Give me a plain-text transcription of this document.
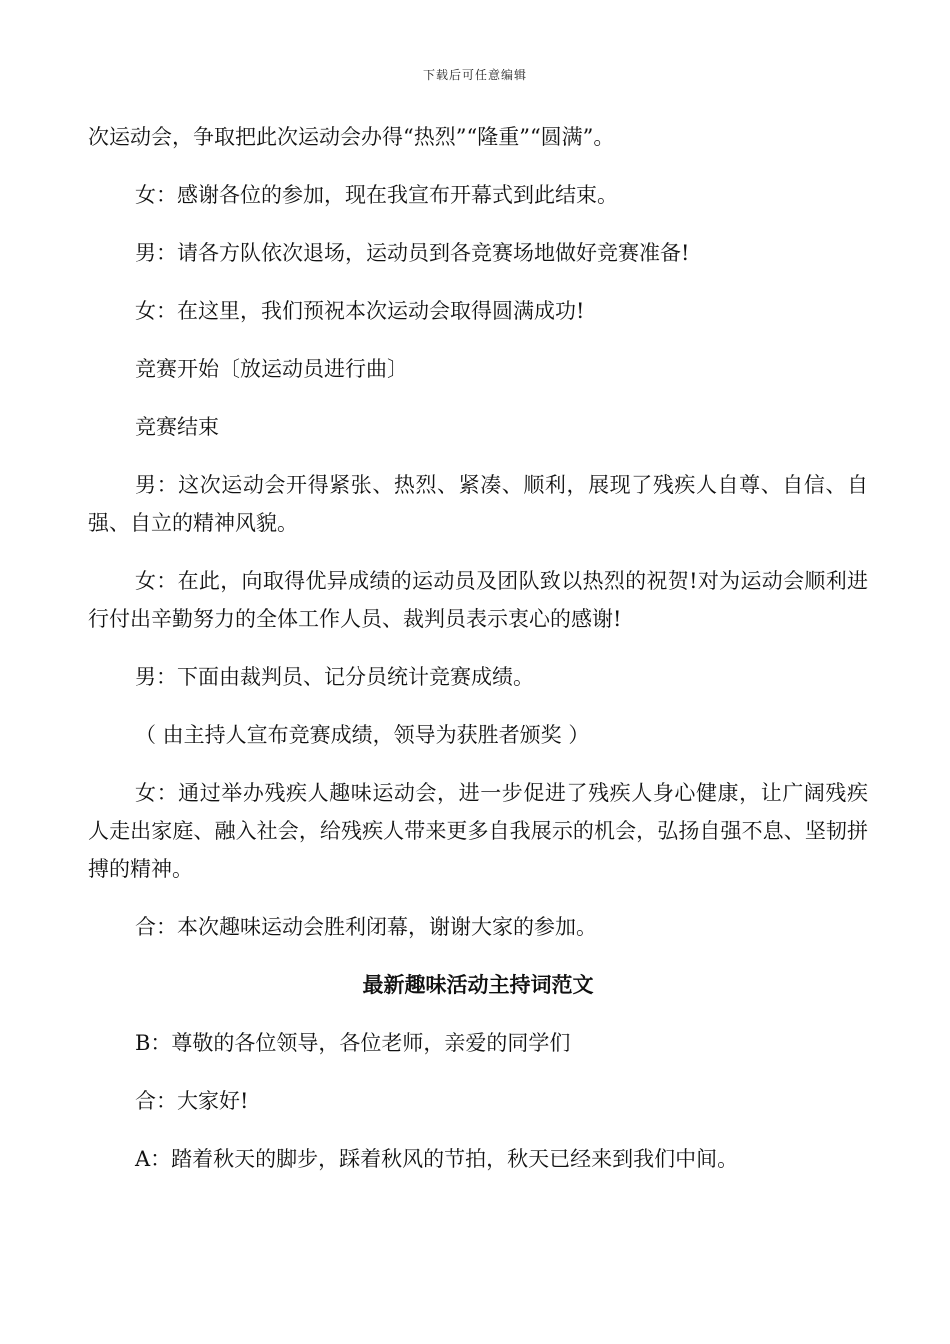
下载后可任意编辑

次运动会，争取把此次运动会办得“热烈”“隆重”“圆满”。

女：感谢各位的参加，现在我宣布开幕式到此结束。

男：请各方队依次退场，运动员到各竞赛场地做好竞赛准备!

女：在这里，我们预祝本次运动会取得圆满成功!

竞赛开始〔放运动员进行曲〕

竞赛结束

男：这次运动会开得紧张、热烈、紧凑、顺利，展现了残疾人自尊、自信、自强、自立的精神风貌。

女：在此，向取得优异成绩的运动员及团队致以热烈的祝贺!对为运动会顺利进行付出辛勤努力的全体工作人员、裁判员表示衷心的感谢!

男：下面由裁判员、记分员统计竞赛成绩。

（ 由主持人宣布竞赛成绩，领导为获胜者颁奖 ）

女：通过举办残疾人趣味运动会，进一步促进了残疾人身心健康，让广阔残疾人走出家庭、融入社会，给残疾人带来更多自我展示的机会，弘扬自强不息、坚韧拼搏的精神。

合：本次趣味运动会胜利闭幕，谢谢大家的参加。

最新趣味活动主持词范文

B：尊敬的各位领导，各位老师，亲爱的同学们

合：大家好!

A：踏着秋天的脚步，踩着秋风的节拍，秋天已经来到我们中间。
